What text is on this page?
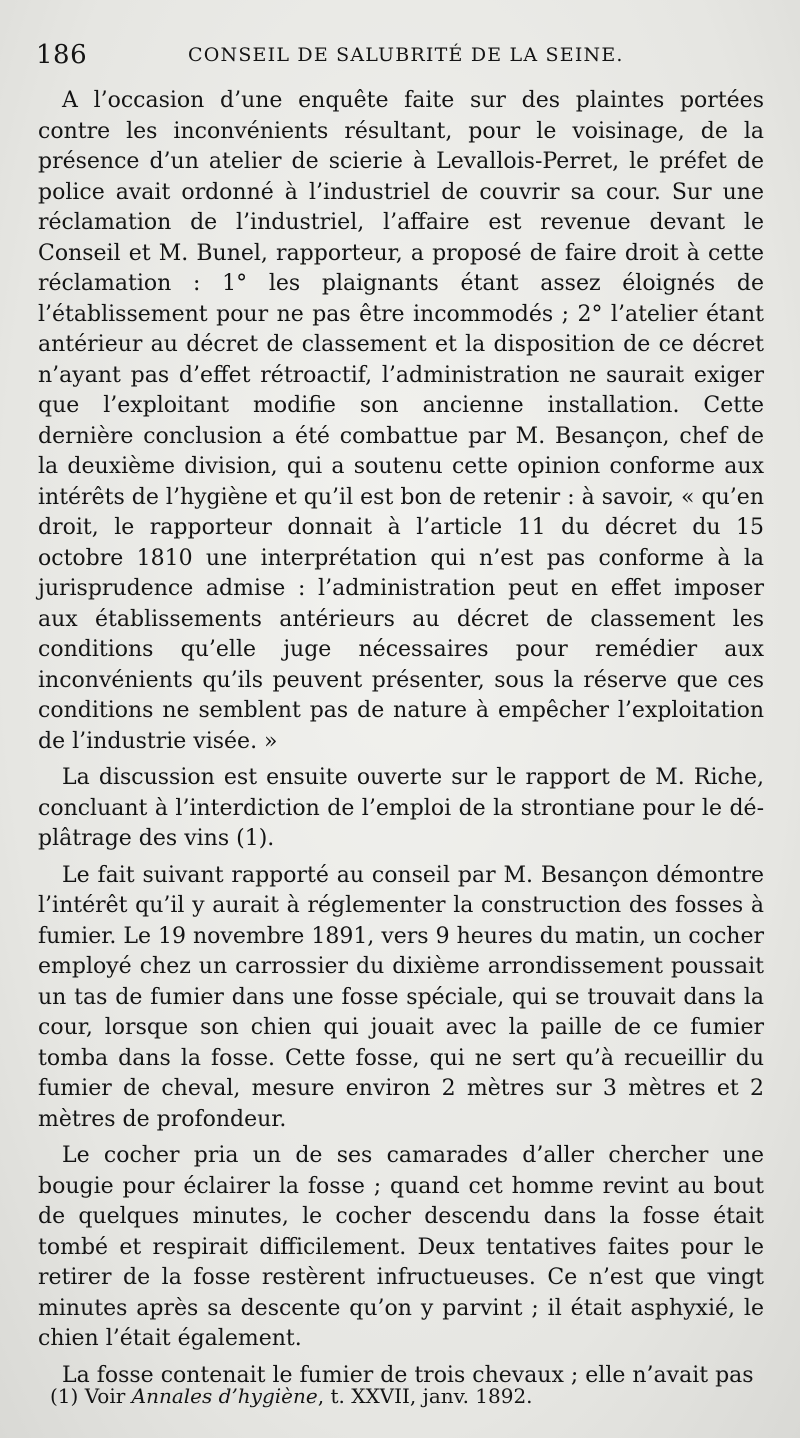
186	CONSEIL DE SALUBRITÉ DE LA SEINE.

A l’occasion d’une enquête faite sur des plaintes portées contre les inconvénients résultant, pour le voisinage, de la présence d’un atelier de scierie à Levallois-Perret, le préfet de police avait ordonné à l’industriel de couvrir sa cour. Sur une réclamation de l’industriel, l’affaire est revenue devant le Conseil et M. Bunel, rapporteur, a proposé de faire droit à cette réclamation : 1° les plaignants étant assez éloignés de l’établissement pour ne pas être incommodés ; 2° l’atelier étant antérieur au décret de classement et la disposition de ce décret n’ayant pas d’effet rétroactif, l’administration ne saurait exiger que l’exploitant modifie son ancienne installation. Cette dernière conclusion a été combattue par M. Besançon, chef de la deuxième division, qui a soutenu cette opinion conforme aux intérêts de l’hygiène et qu’il est bon de retenir : à savoir, « qu’en droit, le rapporteur donnait à l’article 11 du décret du 15 octobre 1810 une interprétation qui n’est pas conforme à la jurisprudence admise : l’administration peut en effet imposer aux établissements antérieurs au décret de classement les conditions qu’elle juge nécessaires pour remédier aux inconvénients qu’ils peuvent présenter, sous la réserve que ces conditions ne semblent pas de nature à empêcher l’exploitation de l’industrie visée. »

La discussion est ensuite ouverte sur le rapport de M. Riche, concluant à l’interdiction de l’emploi de la strontiane pour le déplâtrage des vins (1).

Le fait suivant rapporté au conseil par M. Besançon démontre l’intérêt qu’il y aurait à réglementer la construction des fosses à fumier. Le 19 novembre 1891, vers 9 heures du matin, un cocher employé chez un carrossier du dixième arrondissement poussait un tas de fumier dans une fosse spéciale, qui se trouvait dans la cour, lorsque son chien qui jouait avec la paille de ce fumier tomba dans la fosse. Cette fosse, qui ne sert qu’à recueillir du fumier de cheval, mesure environ 2 mètres sur 3 mètres et 2 mètres de profondeur.

Le cocher pria un de ses camarades d’aller chercher une bougie pour éclairer la fosse ; quand cet homme revint au bout de quelques minutes, le cocher descendu dans la fosse était tombé et respirait difficilement. Deux tentatives faites pour le retirer de la fosse restèrent infructueuses. Ce n’est que vingt minutes après sa descente qu’on y parvint ; il était asphyxié, le chien l’était également.

La fosse contenait le fumier de trois chevaux ; elle n’avait pas

(1) Voir Annales d’hygiène, t. XXVII, janv. 1892.
